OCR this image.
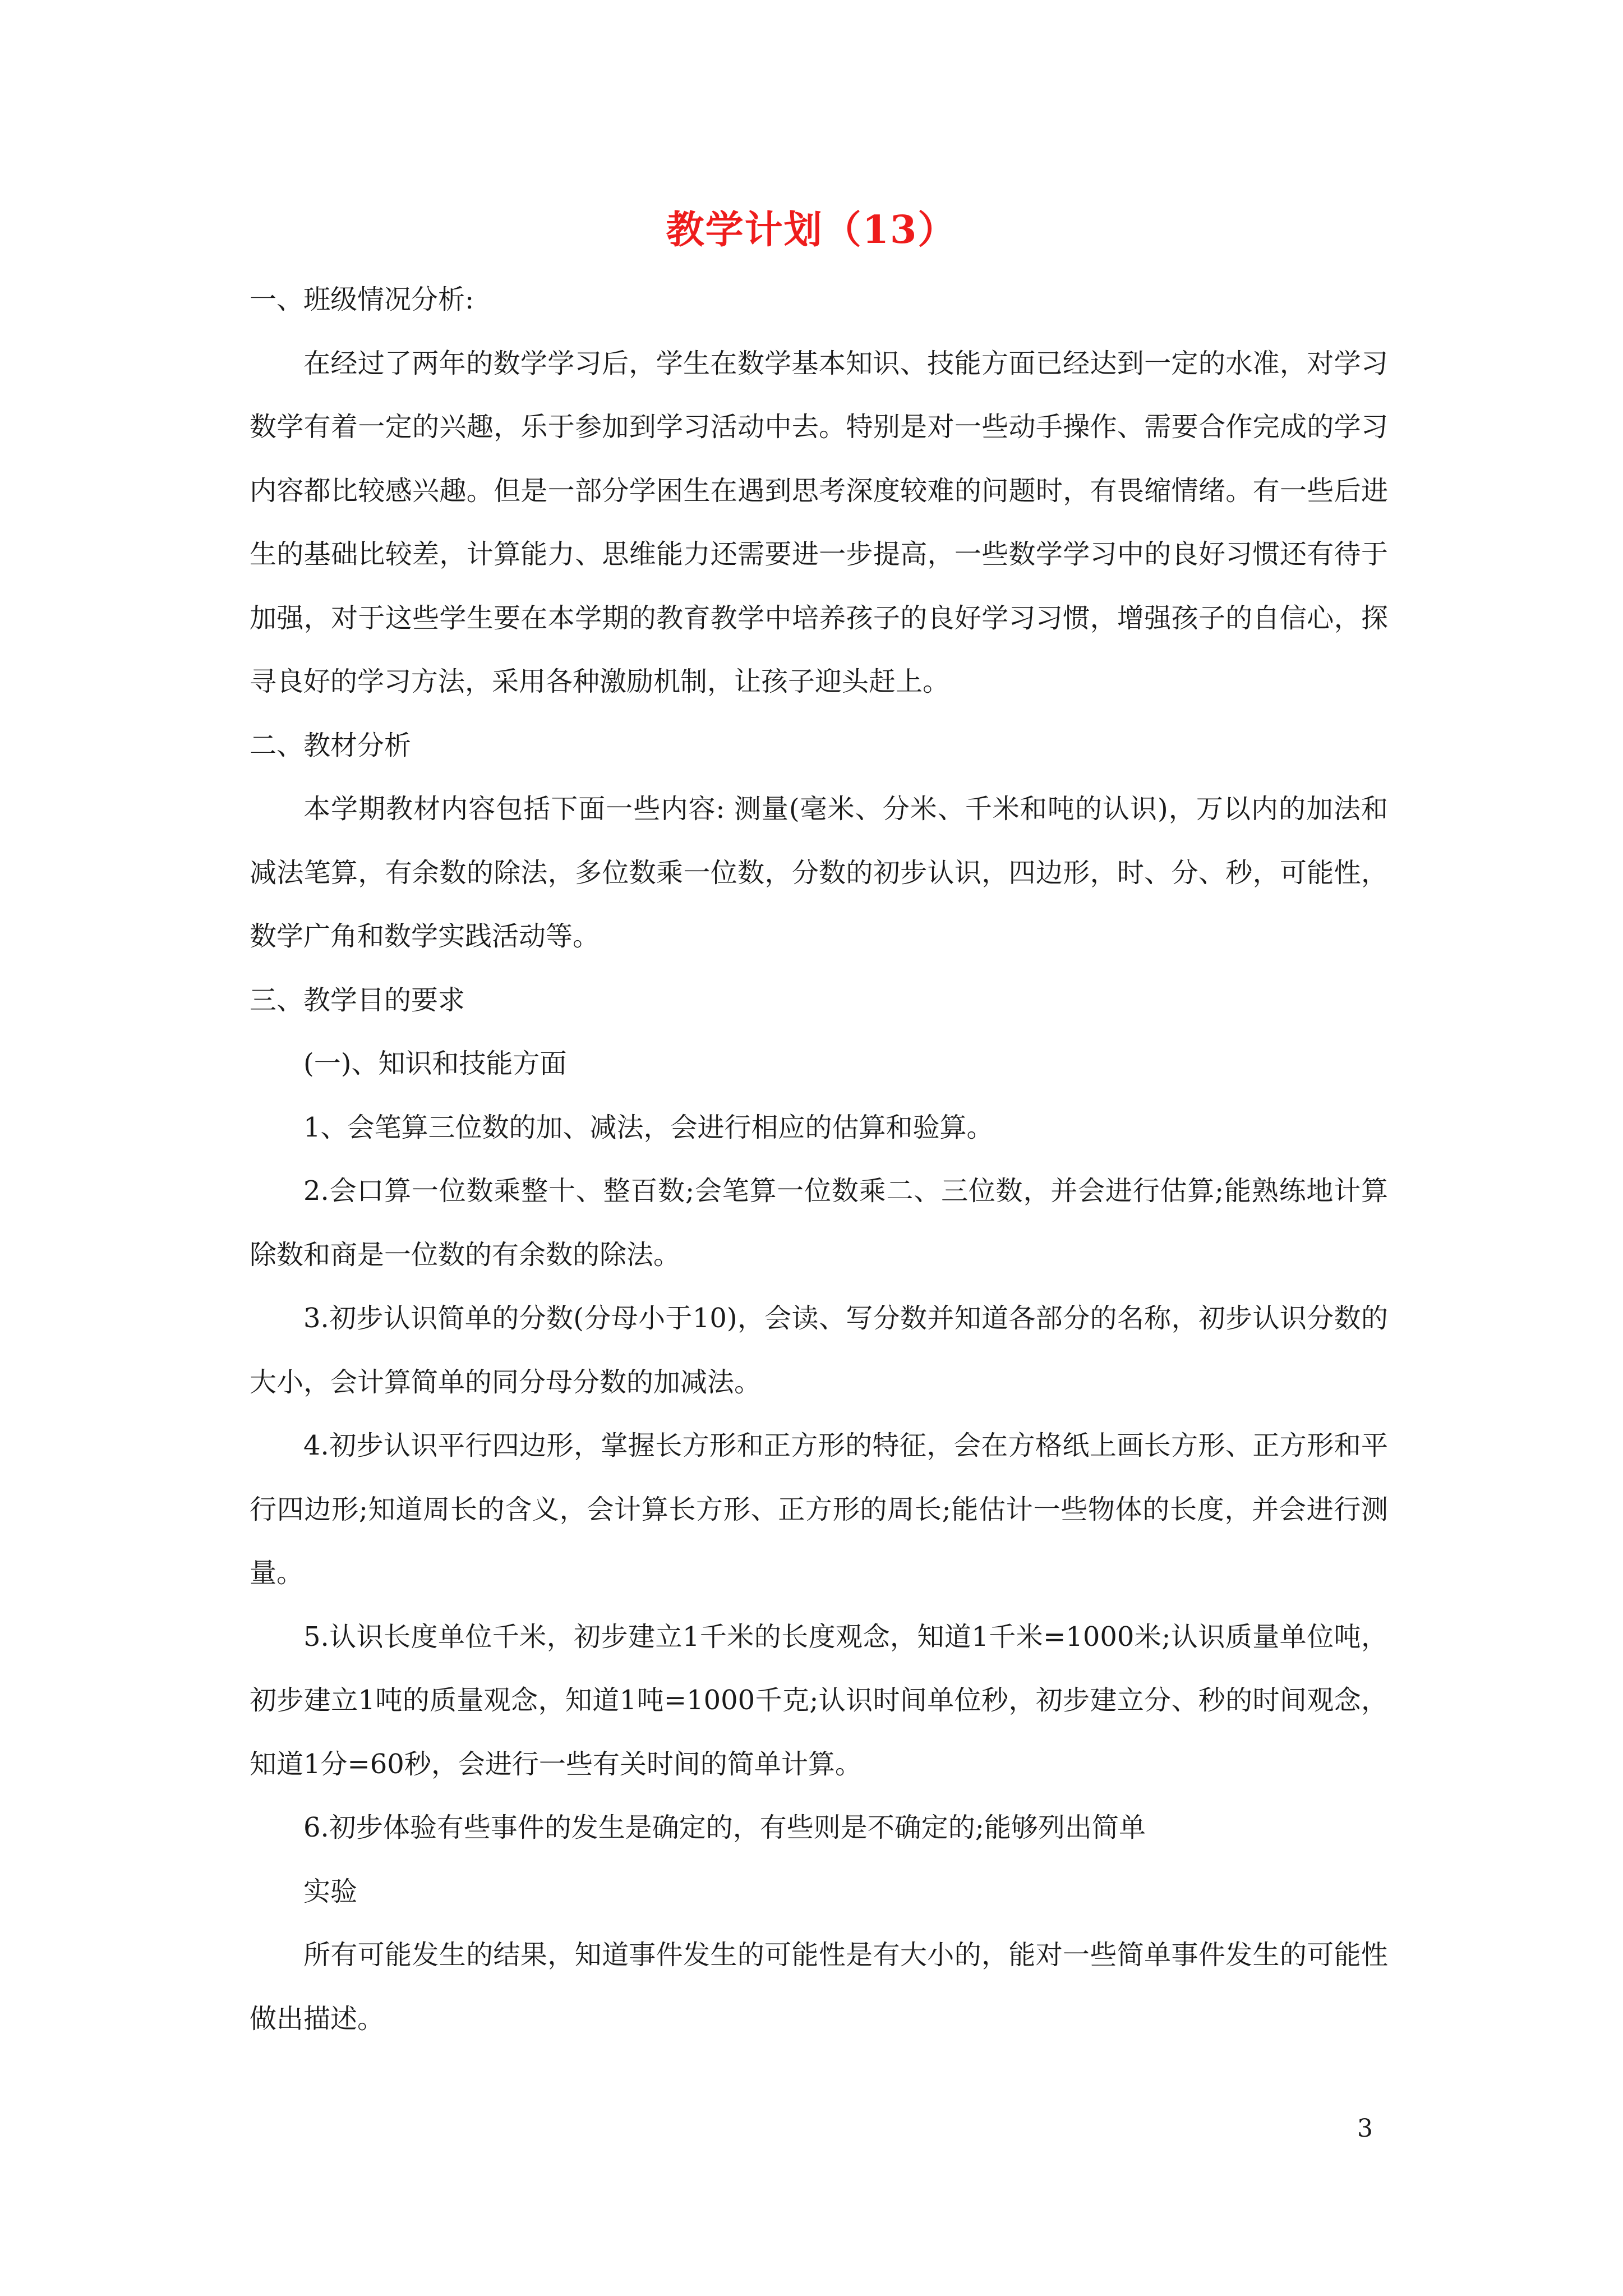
教学计划（13）

一、班级情况分析:

在经过了两年的数学学习后，学生在数学基本知识、技能方面已经达到一定的水准，对学习数学有着一定的兴趣，乐于参加到学习活动中去。特别是对一些动手操作、需要合作完成的学习内容都比较感兴趣。但是一部分学困生在遇到思考深度较难的问题时，有畏缩情绪。有一些后进生的基础比较差，计算能力、思维能力还需要进一步提高，一些数学学习中的良好习惯还有待于加强，对于这些学生要在本学期的教育教学中培养孩子的良好学习习惯，增强孩子的自信心，探寻良好的学习方法，采用各种激励机制，让孩子迎头赶上。

二、教材分析

本学期教材内容包括下面一些内容: 测量(毫米、分米、千米和吨的认识)，万以内的加法和减法笔算，有余数的除法，多位数乘一位数，分数的初步认识，四边形，时、分、秒，可能性，数学广角和数学实践活动等。

三、教学目的要求

(一)、知识和技能方面

1、会笔算三位数的加、减法，会进行相应的估算和验算。

2.会口算一位数乘整十、整百数;会笔算一位数乘二、三位数，并会进行估算;能熟练地计算除数和商是一位数的有余数的除法。

3.初步认识简单的分数(分母小于10)，会读、写分数并知道各部分的名称，初步认识分数的大小，会计算简单的同分母分数的加减法。

4.初步认识平行四边形，掌握长方形和正方形的特征，会在方格纸上画长方形、正方形和平行四边形;知道周长的含义，会计算长方形、正方形的周长;能估计一些物体的长度，并会进行测量。

5.认识长度单位千米，初步建立1千米的长度观念，知道1千米=1000米;认识质量单位吨，初步建立1吨的质量观念，知道1吨=1000千克;认识时间单位秒，初步建立分、秒的时间观念，知道1分=60秒，会进行一些有关时间的简单计算。

6.初步体验有些事件的发生是确定的，有些则是不确定的;能够列出简单

实验

所有可能发生的结果，知道事件发生的可能性是有大小的，能对一些简单事件发生的可能性做出描述。

3
